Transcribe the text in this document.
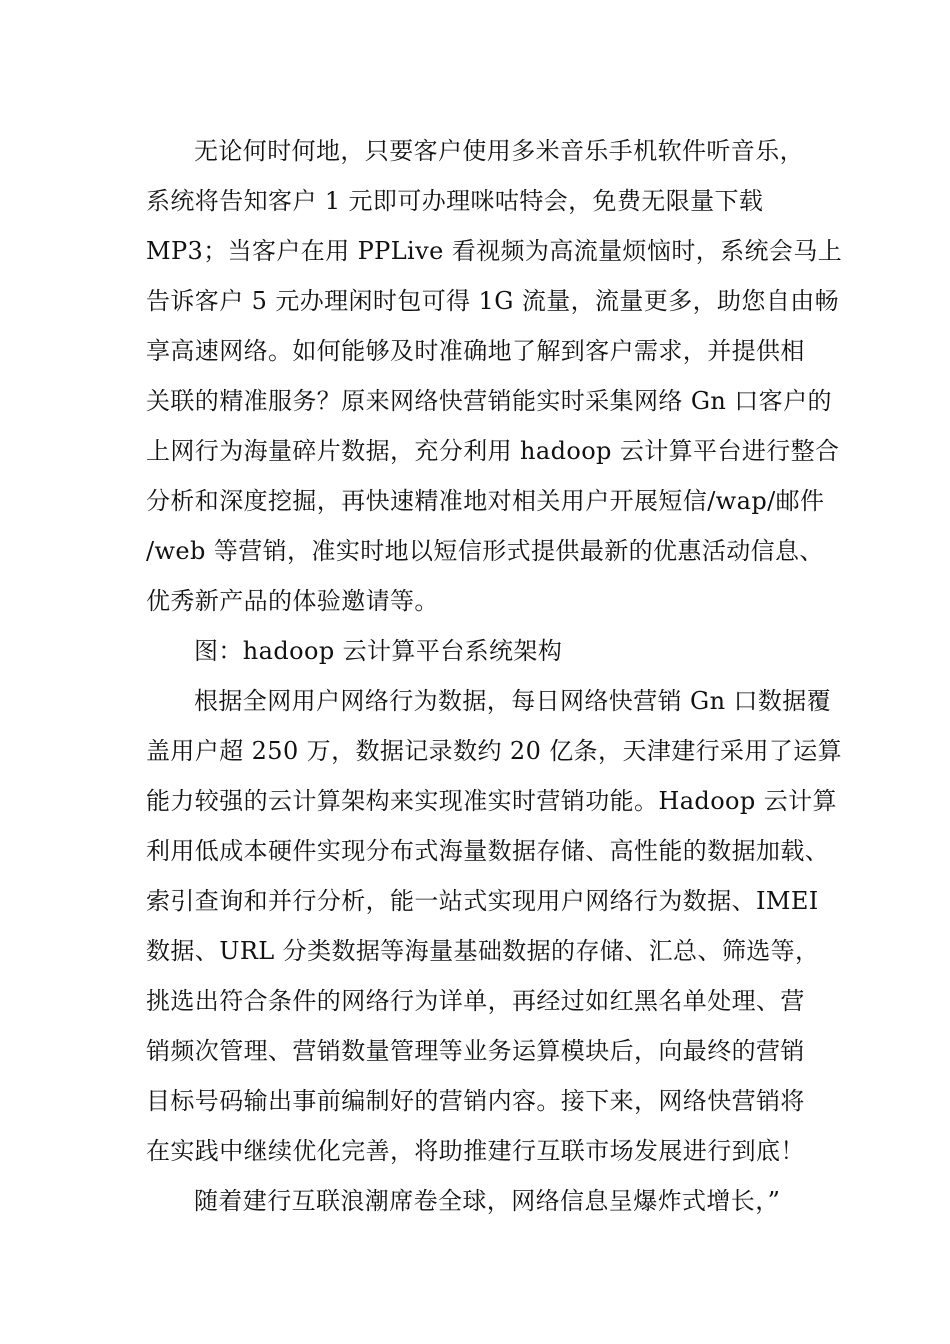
无论何时何地，只要客户使用多米音乐手机软件听音乐，
系统将告知客户 1 元即可办理咪咕特会，免费无限量下载
MP3；当客户在用 PPLive 看视频为高流量烦恼时，系统会马上
告诉客户 5 元办理闲时包可得 1G 流量，流量更多，助您自由畅
享高速网络。如何能够及时准确地了解到客户需求，并提供相
关联的精准服务？原来网络快营销能实时采集网络 Gn 口客户的
上网行为海量碎片数据，充分利用 hadoop 云计算平台进行整合
分析和深度挖掘，再快速精准地对相关用户开展短信/wap/邮件
/web 等营销，准实时地以短信形式提供最新的优惠活动信息、
优秀新产品的体验邀请等。
图：hadoop 云计算平台系统架构
根据全网用户网络行为数据，每日网络快营销 Gn 口数据覆
盖用户超 250 万，数据记录数约 20 亿条，天津建行采用了运算
能力较强的云计算架构来实现准实时营销功能。Hadoop 云计算
利用低成本硬件实现分布式海量数据存储、高性能的数据加载、
索引查询和并行分析，能一站式实现用户网络行为数据、IMEI
数据、URL 分类数据等海量基础数据的存储、汇总、筛选等，
挑选出符合条件的网络行为详单，再经过如红黑名单处理、营
销频次管理、营销数量管理等业务运算模块后，向最终的营销
目标号码输出事前编制好的营销内容。接下来，网络快营销将
在实践中继续优化完善，将助推建行互联市场发展进行到底！
随着建行互联浪潮席卷全球，网络信息呈爆炸式增长，”
